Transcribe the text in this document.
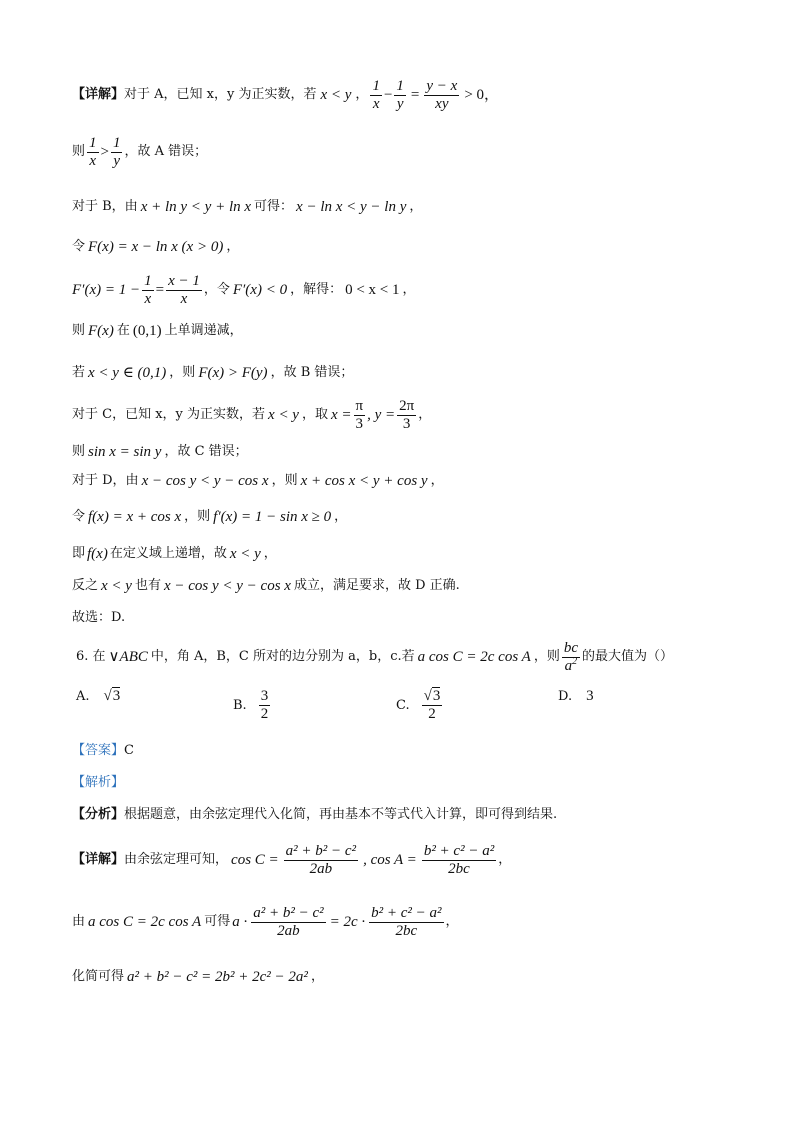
【详解】 对于 A，已知 x，y 为正实数，若 x < y ， $\frac{1}{x} - \frac{1}{y} = \frac{y - x}{xy} > 0$，
则 $\frac{1}{x} > \frac{1}{y}$ ，故 A 错误；
对于 B，由 x + ln y < y + ln x 可得： x − ln x < y − ln y ，
令 F(x) = x − ln x (x > 0) ，
$F'(x) = 1 - \frac{1}{x} = \frac{x - 1}{x}$ ，令 F′(x) < 0 ，解得： 0 < x < 1 ，
则 F(x) 在 (0,1) 上单调递减，
若 x < y ∈ (0,1) ，则 F(x) > F(y) ，故 B 错误；
对于 C，已知 x，y 为正实数，若 x < y ，取 $x = \frac{\pi}{3}$ , $y = \frac{2\pi}{3}$ ，
则 sin x = sin y ，故 C 错误；
对于 D，由 x − cos y < y − cos x ，则 x + cos x < y + cos y ，
令 f(x) = x + cos x ，则 f′(x) = 1 − sin x ≥ 0 ，
即 f(x) 在定义域上递增，故 x < y ，
反之 x < y 也有 x − cos y < y − cos x 成立，满足要求，故 D 正确.
故选：D.
6. 在 ∨ABC 中，角 A，B，C 所对的边分别为 a，b，c.若 a cos C = 2c cos A ，则 $\frac{bc}{a^2}$ 的最大值为（）
A. √3
B. $\frac{3}{2}$	C. $\frac{√3}{2}$	D. 3
【答案】 C
【解析】
【分析】 根据题意，由余弦定理代入化简，再由基本不等式代入计算，即可得到结果.
【详解】 由余弦定理可知， $\cos C = \frac{\text{a² + b² − c²}}{2ab}$ , $\cos A = \frac{\text{b² + c² − a²}}{2bc}$ ，
由 a cos C = 2c cos A 可得 $a \cdot \frac{\text{a² + b² − c²}}{2ab} = 2c \cdot \frac{\text{b² + c² − a²}}{2bc}$ ，
化简可得 a² + b² − c² = 2b² + 2c² − 2a² ，
